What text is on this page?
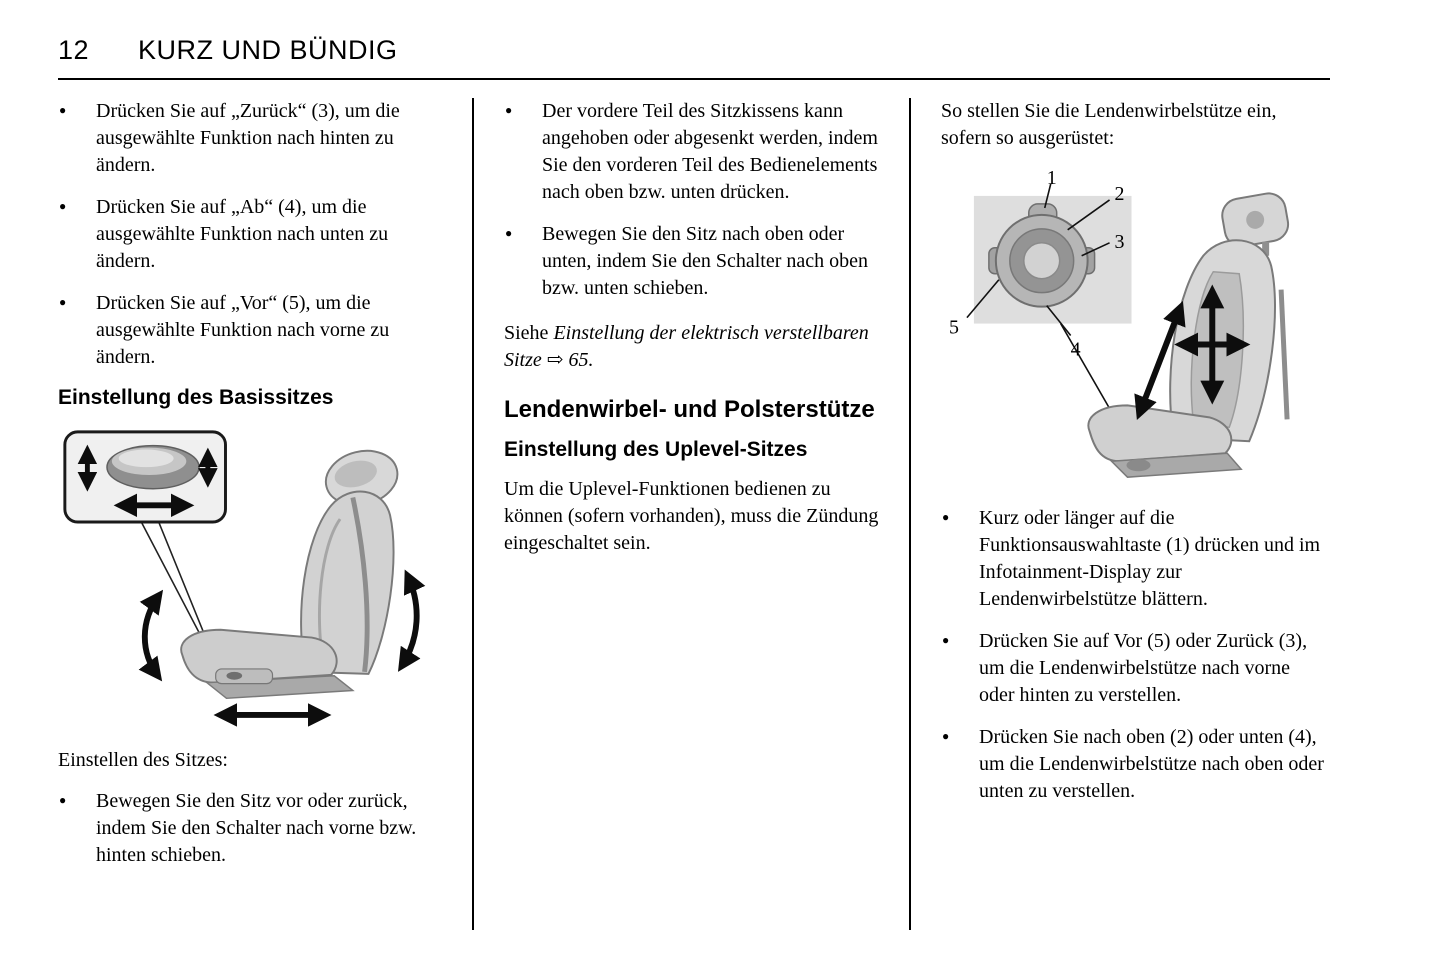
12	KURZ UND BÜNDIG
● Drücken Sie auf „Zurück“ (3), um die ausgewählte Funktion nach hinten zu ändern.
● Drücken Sie auf „Ab“ (4), um die ausgewählte Funktion nach unten zu ändern.
● Drücken Sie auf „Vor“ (5), um die ausgewählte Funktion nach vorne zu ändern.
Einstellung des Basissitzes

Einstellen des Sitzes:

● Bewegen Sie den Sitz vor oder zurück, indem Sie den Schalter nach vorne bzw. hinten schieben.
● Der vordere Teil des Sitzkissens kann angehoben oder abgesenkt werden, indem Sie den vorderen Teil des Bedienelements nach oben bzw. unten drücken.
● Bewegen Sie den Sitz nach oben oder unten, indem Sie den Schalter nach oben bzw. unten schieben.

Siehe Einstellung der elektrisch verstellbaren Sitze ⇨ 65.

Lendenwirbel- und Polsterstütze
Einstellung des Uplevel-Sitzes

Um die Uplevel-Funktionen bedienen zu können (sofern vorhanden), muss die Zündung eingeschaltet sein.

So stellen Sie die Lendenwirbelstütze ein, sofern so ausgerüstet:

1
2
3
4
5
● Kurz oder länger auf die Funktionsauswahltaste (1) drücken und im Infotainment-Display zur Lendenwirbelstütze blättern.
● Drücken Sie auf Vor (5) oder Zurück (3), um die Lendenwirbelstütze nach vorne oder hinten zu verstellen.
● Drücken Sie nach oben (2) oder unten (4), um die Lendenwirbelstütze nach oben oder unten zu verstellen.
